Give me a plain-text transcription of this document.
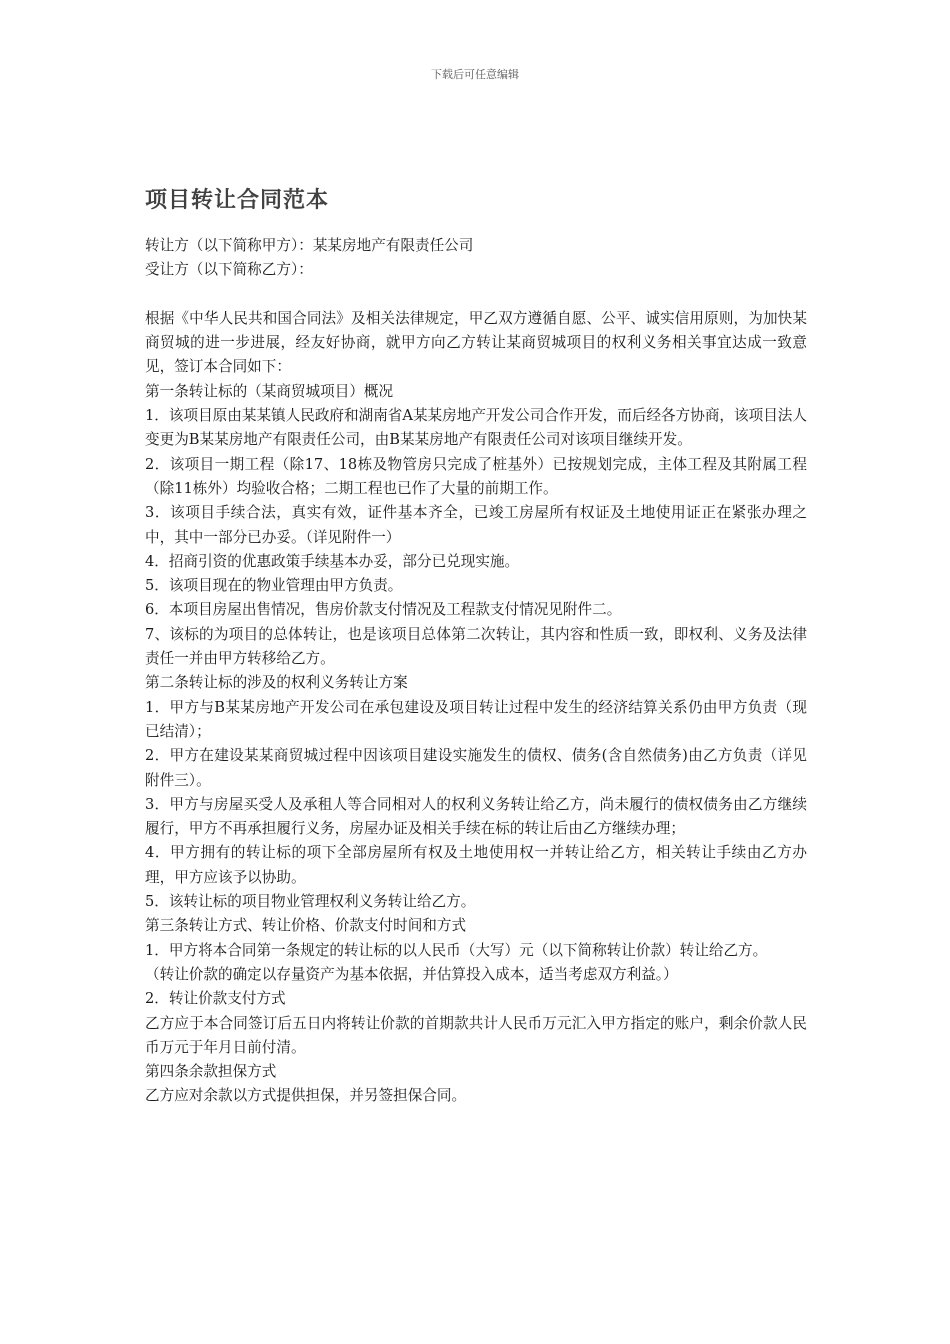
下载后可任意编辑
项目转让合同范本

转让方（以下简称甲方）：某某房地产有限责任公司

受让方（以下简称乙方）：

根据《中华人民共和国合同法》及相关法律规定，甲乙双方遵循自愿、公平、诚实信用原则，为加快某商贸城的进一步进展，经友好协商，就甲方向乙方转让某商贸城项目的权利义务相关事宜达成一致意见，签订本合同如下：

第一条转让标的（某商贸城项目）概况

1．该项目原由某某镇人民政府和湖南省A某某房地产开发公司合作开发，而后经各方协商，该项目法人变更为B某某房地产有限责任公司，由B某某房地产有限责任公司对该项目继续开发。

2．该项目一期工程（除17、18栋及物管房只完成了桩基外）已按规划完成，主体工程及其附属工程（除11栋外）均验收合格；二期工程也已作了大量的前期工作。

3．该项目手续合法，真实有效，证件基本齐全，已竣工房屋所有权证及土地使用证正在紧张办理之中，其中一部分已办妥。（详见附件一）

4．招商引资的优惠政策手续基本办妥，部分已兑现实施。

5．该项目现在的物业管理由甲方负责。

6．本项目房屋出售情况，售房价款支付情况及工程款支付情况见附件二。

7、该标的为项目的总体转让，也是该项目总体第二次转让，其内容和性质一致，即权利、义务及法律责任一并由甲方转移给乙方。

第二条转让标的涉及的权利义务转让方案

1．甲方与B某某房地产开发公司在承包建设及项目转让过程中发生的经济结算关系仍由甲方负责（现已结清）；

2．甲方在建设某某商贸城过程中因该项目建设实施发生的债权、债务(含自然债务)由乙方负责（详见附件三）。

3．甲方与房屋买受人及承租人等合同相对人的权利义务转让给乙方，尚未履行的债权债务由乙方继续履行，甲方不再承担履行义务，房屋办证及相关手续在标的转让后由乙方继续办理；

4．甲方拥有的转让标的项下全部房屋所有权及土地使用权一并转让给乙方，相关转让手续由乙方办理，甲方应该予以协助。

5．该转让标的项目物业管理权利义务转让给乙方。

第三条转让方式、转让价格、价款支付时间和方式

1．甲方将本合同第一条规定的转让标的以人民币（大写）元（以下简称转让价款）转让给乙方。

（转让价款的确定以存量资产为基本依据，并估算投入成本，适当考虑双方利益。）

2．转让价款支付方式

乙方应于本合同签订后五日内将转让价款的首期款共计人民币万元汇入甲方指定的账户，剩余价款人民币万元于年月日前付清。

第四条余款担保方式

乙方应对余款以方式提供担保，并另签担保合同。
